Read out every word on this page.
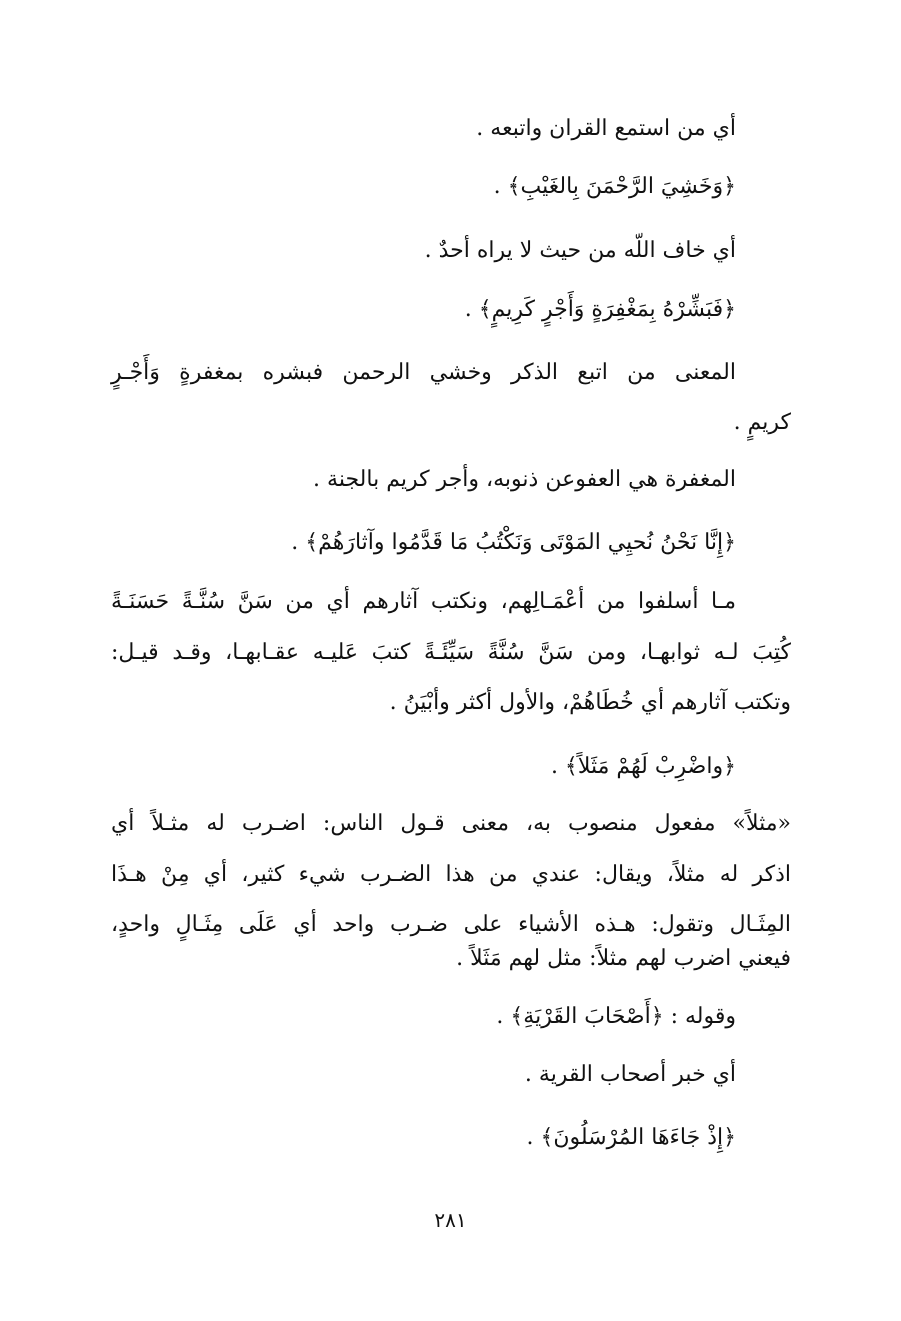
أي من استمع القران واتبعه .
﴿وَخَشِيَ الرَّحْمَنَ بِالغَيْبِ﴾ .
أي خاف اللّه من حيث لا يراه أحدٌ .
﴿فَبَشِّرْهُ بِمَغْفِرَةٍ وَأَجْرٍ كَرِيمٍ﴾ .
المعنى من اتبع الذكر وخشي الرحمن فبشره بمغفرةٍ وَأَجْـرٍ
كريمٍ .
المغفرة هي العفوعن ذنوبه، وأجر كريم بالجنة .
﴿إِنَّا نَحْنُ نُحيِي المَوْتَى وَنَكْتُبُ مَا قَدَّمُوا وآثارَهُمْ﴾ .
مـا أسلفوا من أعْمَـالِهم، ونكتب آثارهم أي من سَنَّ سُنَّـةً حَسَنَـةً
كُتِبَ لـه ثوابهـا، ومن سَنَّ سُنَّةً سَيِّئَـةً كتبَ عَليـه عقـابهـا، وقـد قيـل:
وتكتب آثارهم أي خُطَاهُمْ، والأول أكثر وأبْيَنُ .
﴿واضْرِبْ لَهُمْ مَثَلاً﴾ .
«مثلاً» مفعول منصوب به، معنى قـول الناس: اضـرب له مثـلاً أي
اذكر له مثلاً، ويقال: عندي من هذا الضـرب شيء كثير، أي مِنْ هـذَا
المِثَـال وتقول: هـذه الأشياء على ضـرب واحد أي عَلَى مِثَـالٍ واحدٍ،
فيعني اضرب لهم مثلاً: مثل لهم مَثَلاً .
وقوله : ﴿أَصْحَابَ القَرْيَةِ﴾ .
أي خبر أصحاب القرية .
﴿إِذْ جَاءَهَا المُرْسَلُونَ﴾ .
٢٨١
